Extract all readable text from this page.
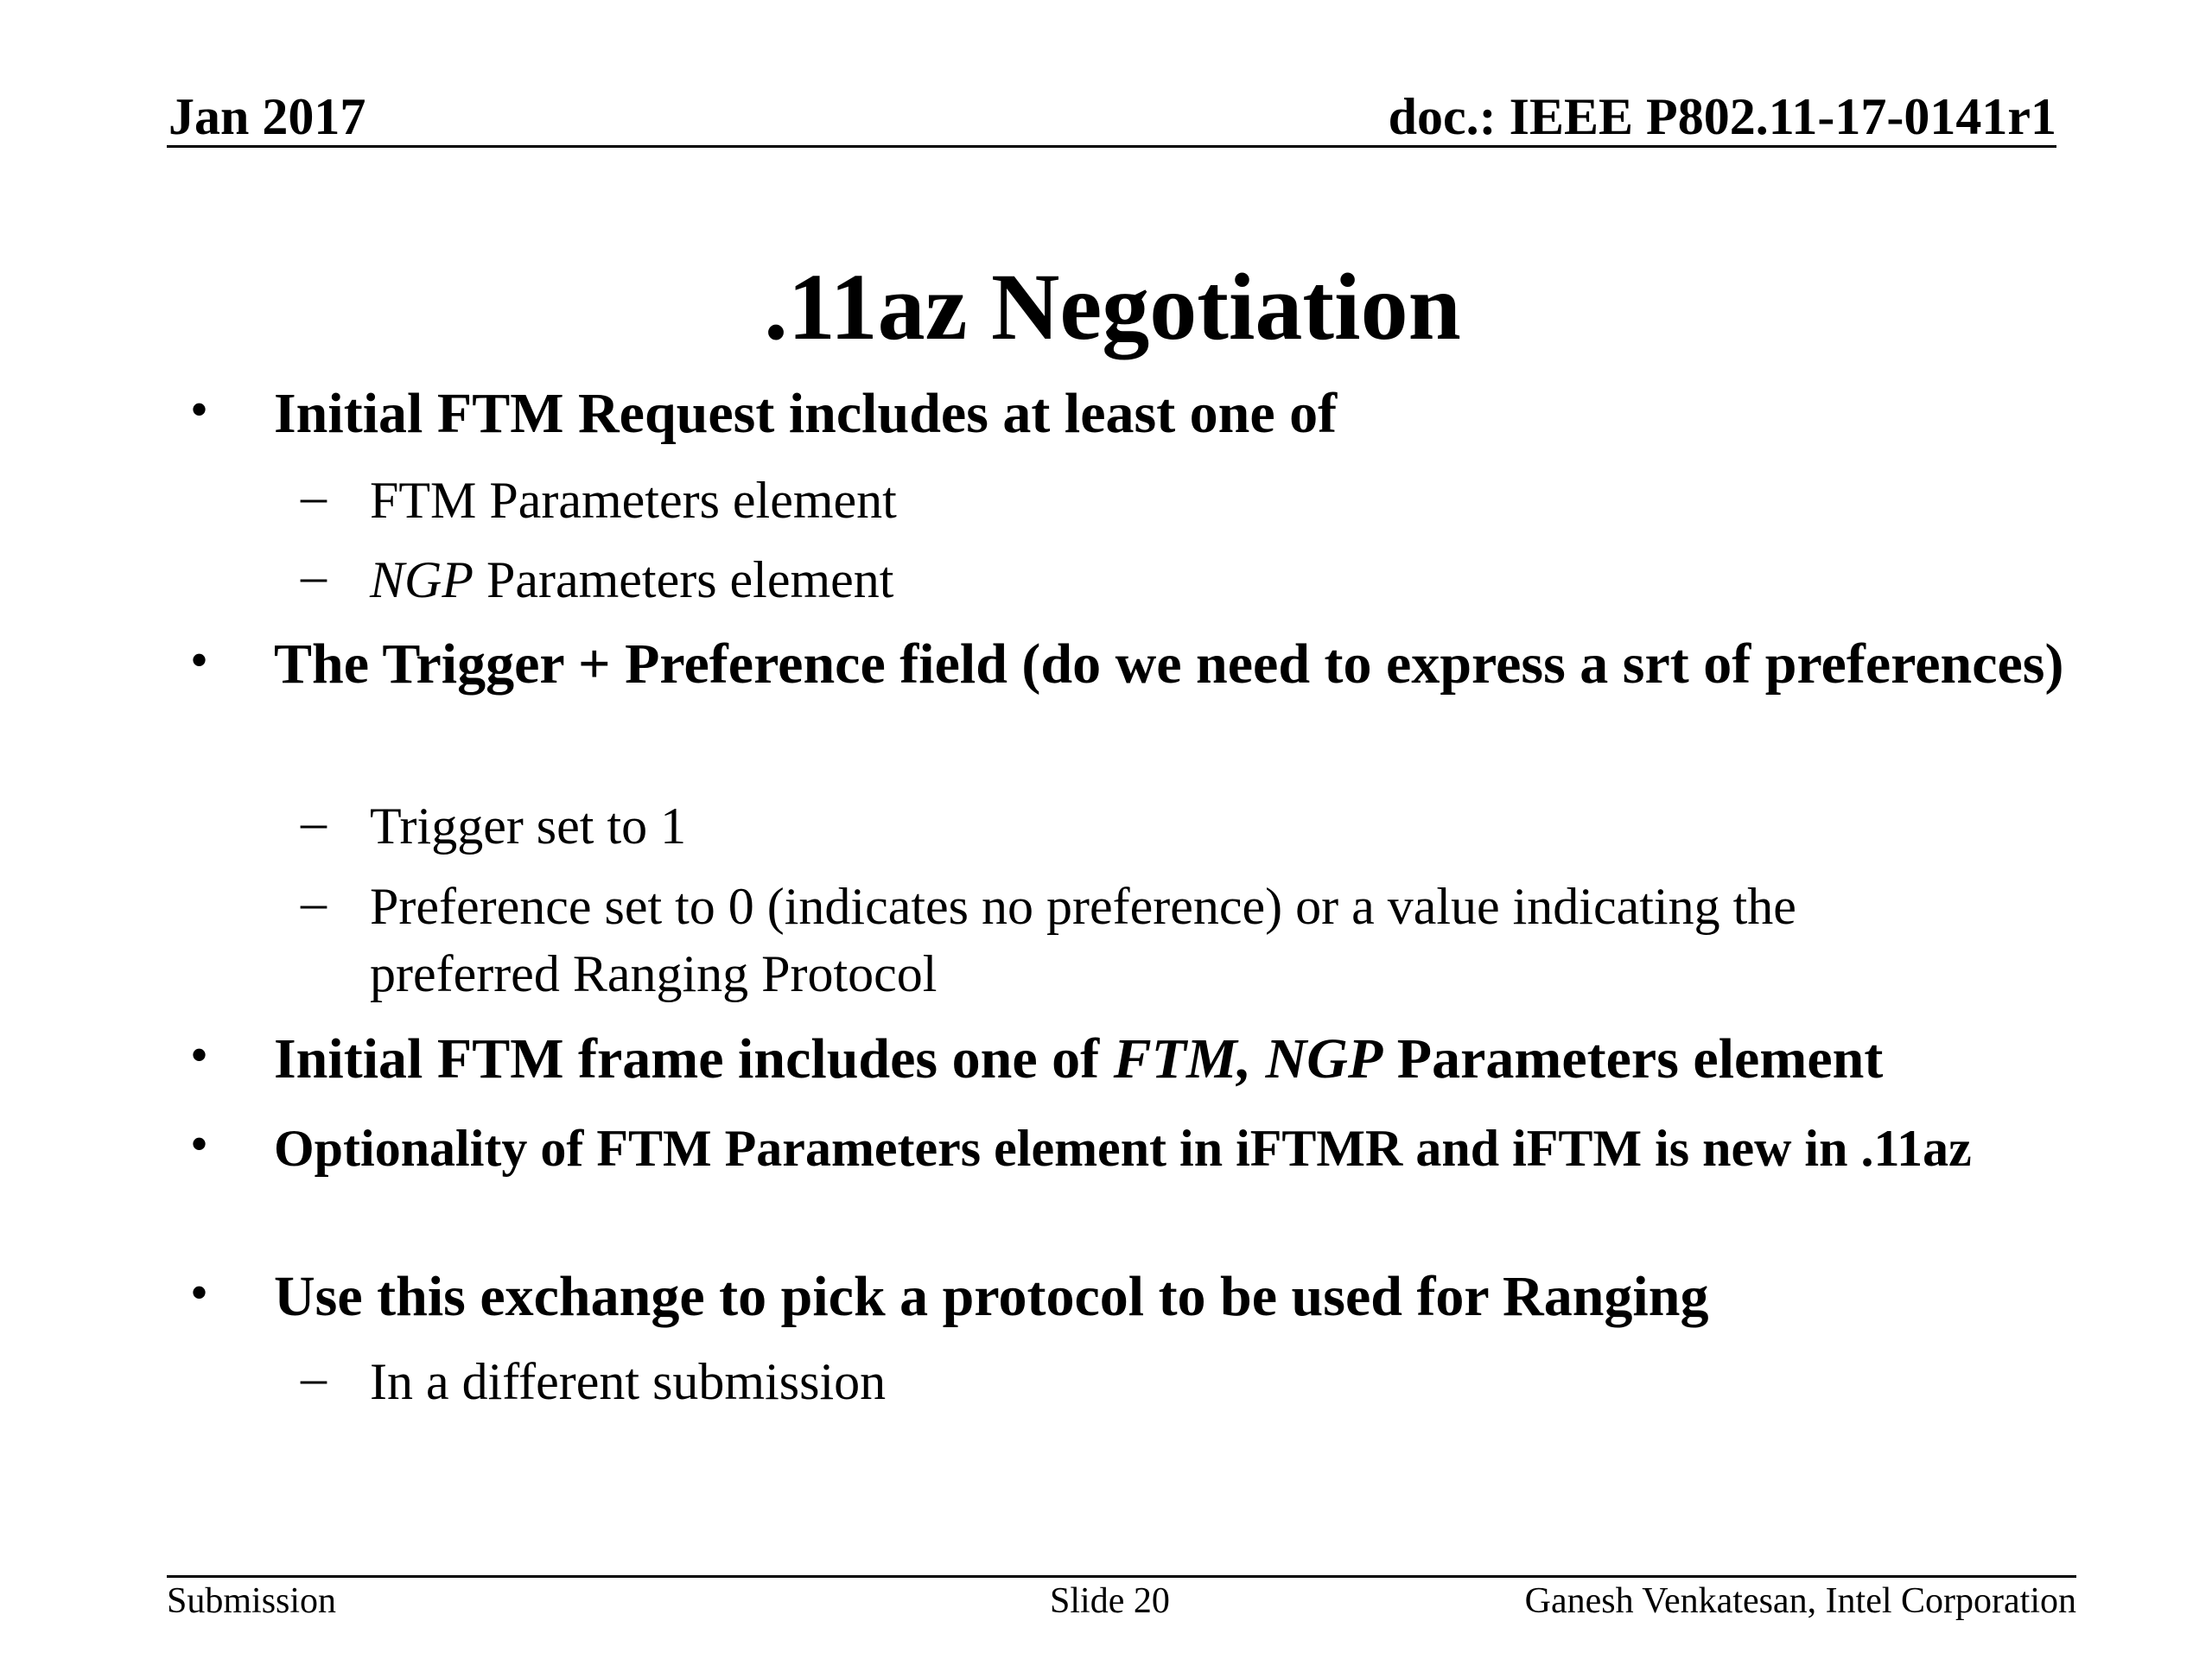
Jan 2017	doc.: IEEE P802.11-17-0141r1
.11az Negotiation
• Initial FTM Request includes at least one of
– FTM Parameters element
– NGP Parameters element
• The Trigger + Preference field (do we need to express a srt of preferences)
– Trigger set to 1
– Preference set to 0 (indicates no preference) or a value indicating the preferred Ranging Protocol
• Initial FTM frame includes one of FTM, NGP Parameters element
• Optionality of FTM Parameters element in iFTMR and iFTM is new in .11az
• Use this exchange to pick a protocol to be used for Ranging
– In a different submission
Submission	Slide 20	Ganesh Venkatesan, Intel Corporation
